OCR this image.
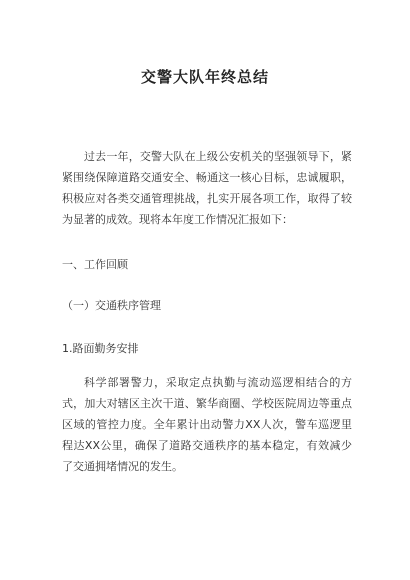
交警大队年终总结
过去一年，交警大队在上级公安机关的坚强领导下，紧紧围绕保障道路交通安全、畅通这一核心目标，忠诚履职，积极应对各类交通管理挑战，扎实开展各项工作，取得了较为显著的成效。现将本年度工作情况汇报如下：
一、工作回顾
（一）交通秩序管理
1.路面勤务安排
科学部署警力，采取定点执勤与流动巡逻相结合的方式，加大对辖区主次干道、繁华商圈、学校医院周边等重点区域的管控力度。全年累计出动警力XX人次，警车巡逻里程达XX公里，确保了道路交通秩序的基本稳定，有效减少了交通拥堵情况的发生。
